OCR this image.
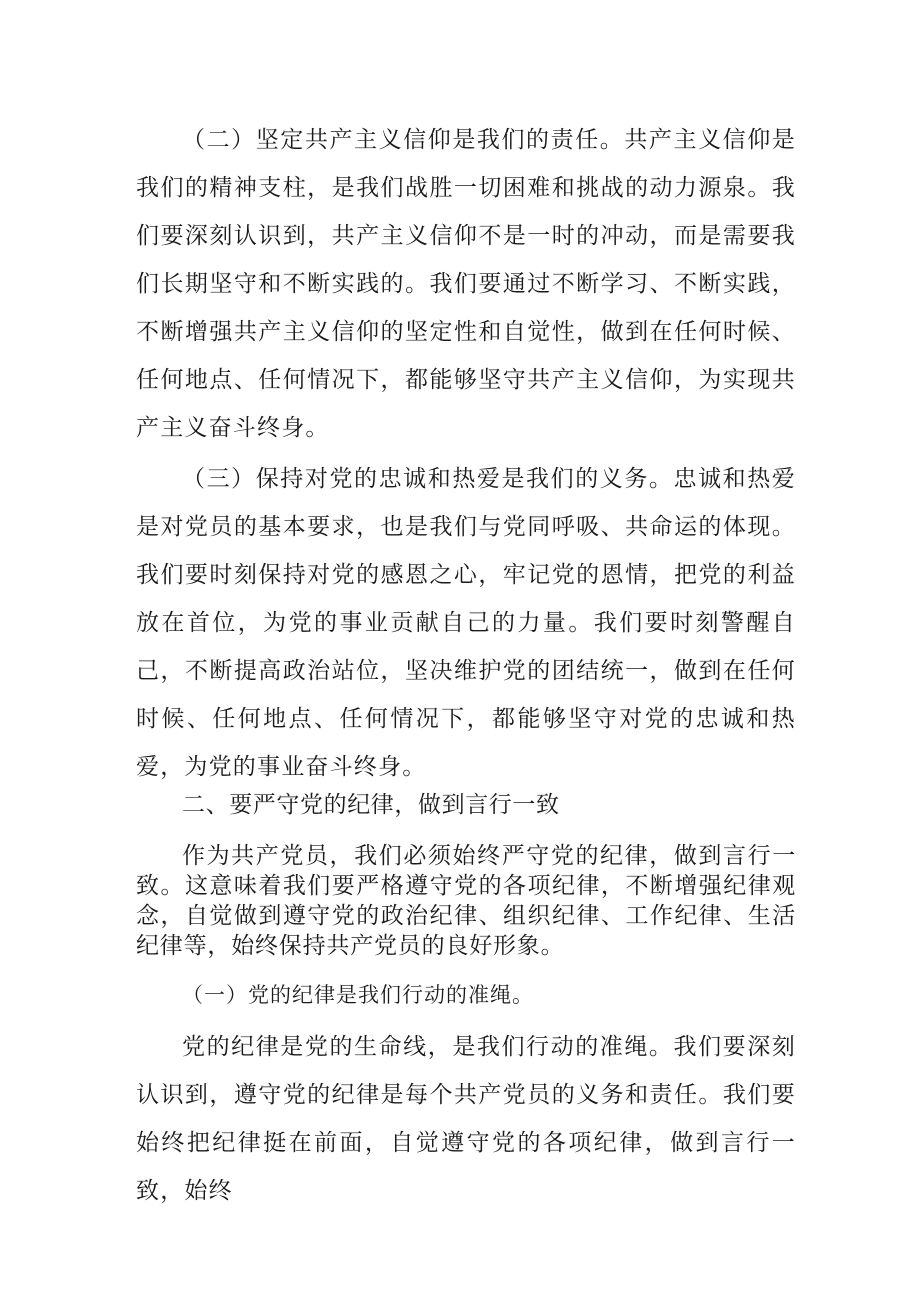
（二）坚定共产主义信仰是我们的责任。共产主义信仰是我们的精神支柱，是我们战胜一切困难和挑战的动力源泉。我们要深刻认识到，共产主义信仰不是一时的冲动，而是需要我们长期坚守和不断实践的。我们要通过不断学习、不断实践，不断增强共产主义信仰的坚定性和自觉性，做到在任何时候、任何地点、任何情况下，都能够坚守共产主义信仰，为实现共产主义奋斗终身。

（三）保持对党的忠诚和热爱是我们的义务。忠诚和热爱是对党员的基本要求，也是我们与党同呼吸、共命运的体现。我们要时刻保持对党的感恩之心，牢记党的恩情，把党的利益放在首位，为党的事业贡献自己的力量。我们要时刻警醒自己，不断提高政治站位，坚决维护党的团结统一，做到在任何时候、任何地点、任何情况下，都能够坚守对党的忠诚和热爱，为党的事业奋斗终身。

二、要严守党的纪律，做到言行一致

作为共产党员，我们必须始终严守党的纪律，做到言行一致。这意味着我们要严格遵守党的各项纪律，不断增强纪律观念，自觉做到遵守党的政治纪律、组织纪律、工作纪律、生活纪律等，始终保持共产党员的良好形象。

（一）党的纪律是我们行动的准绳。

党的纪律是党的生命线，是我们行动的准绳。我们要深刻认识到，遵守党的纪律是每个共产党员的义务和责任。我们要始终把纪律挺在前面，自觉遵守党的各项纪律，做到言行一致，始终
